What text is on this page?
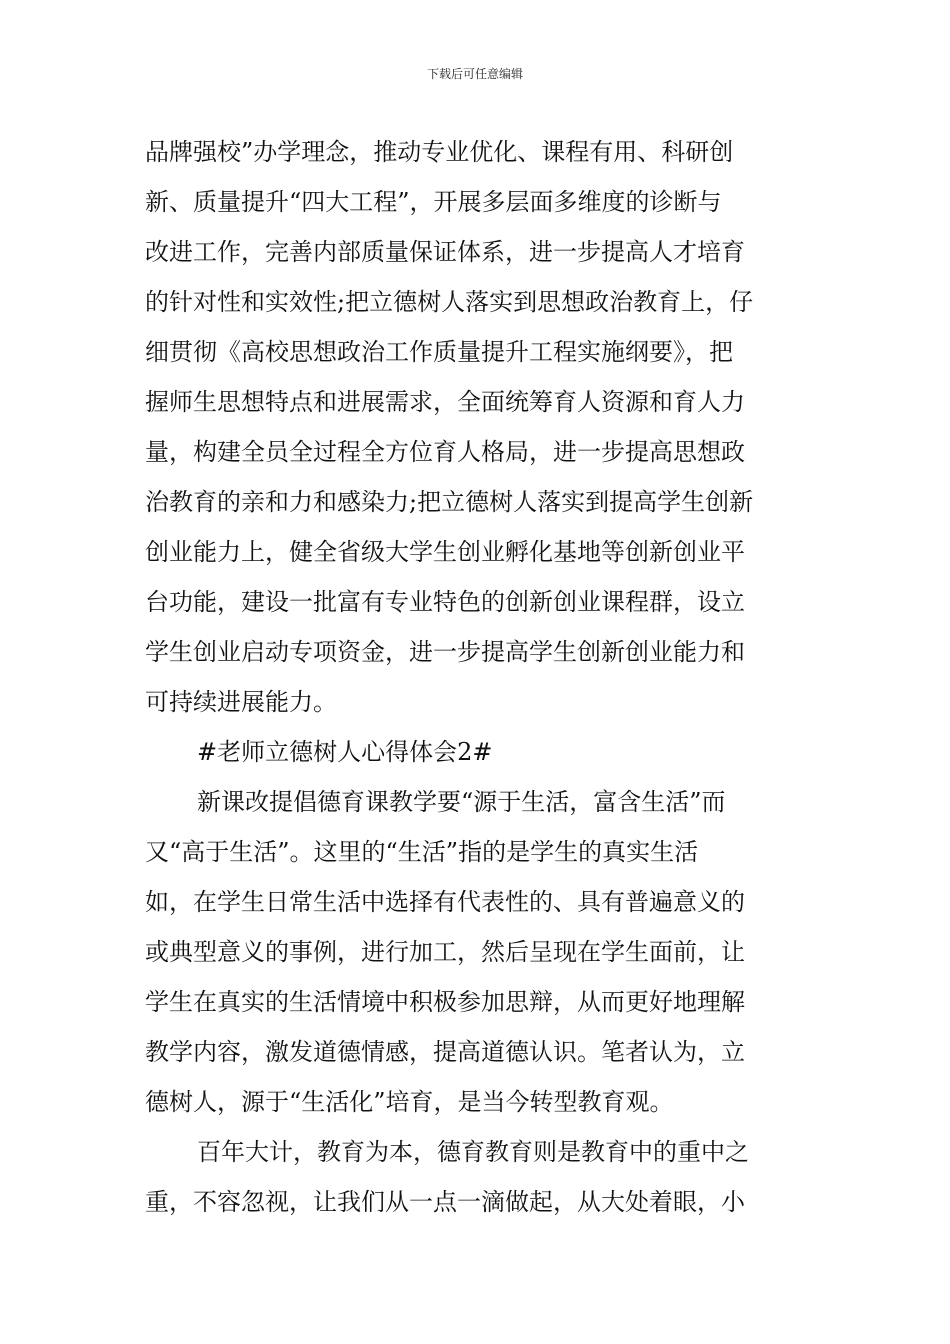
下载后可任意编辑
品牌强校”办学理念，推动专业优化、课程有用、科研创
新、质量提升“四大工程”，开展多层面多维度的诊断与
改进工作，完善内部质量保证体系，进一步提高人才培育
的针对性和实效性;把立德树人落实到思想政治教育上，仔
细贯彻《高校思想政治工作质量提升工程实施纲要》，把
握师生思想特点和进展需求，全面统筹育人资源和育人力
量，构建全员全过程全方位育人格局，进一步提高思想政
治教育的亲和力和感染力;把立德树人落实到提高学生创新
创业能力上，健全省级大学生创业孵化基地等创新创业平
台功能，建设一批富有专业特色的创新创业课程群，设立
学生创业启动专项资金，进一步提高学生创新创业能力和
可持续进展能力。
#老师立德树人心得体会2#
新课改提倡德育课教学要“源于生活，富含生活”而
又“高于生活”。这里的“生活”指的是学生的真实生活
如，在学生日常生活中选择有代表性的、具有普遍意义的
或典型意义的事例，进行加工，然后呈现在学生面前，让
学生在真实的生活情境中积极参加思辩，从而更好地理解
教学内容，激发道德情感，提高道德认识。笔者认为，立
德树人，源于“生活化”培育，是当今转型教育观。
百年大计，教育为本，德育教育则是教育中的重中之
重，不容忽视，让我们从一点一滴做起，从大处着眼，小
